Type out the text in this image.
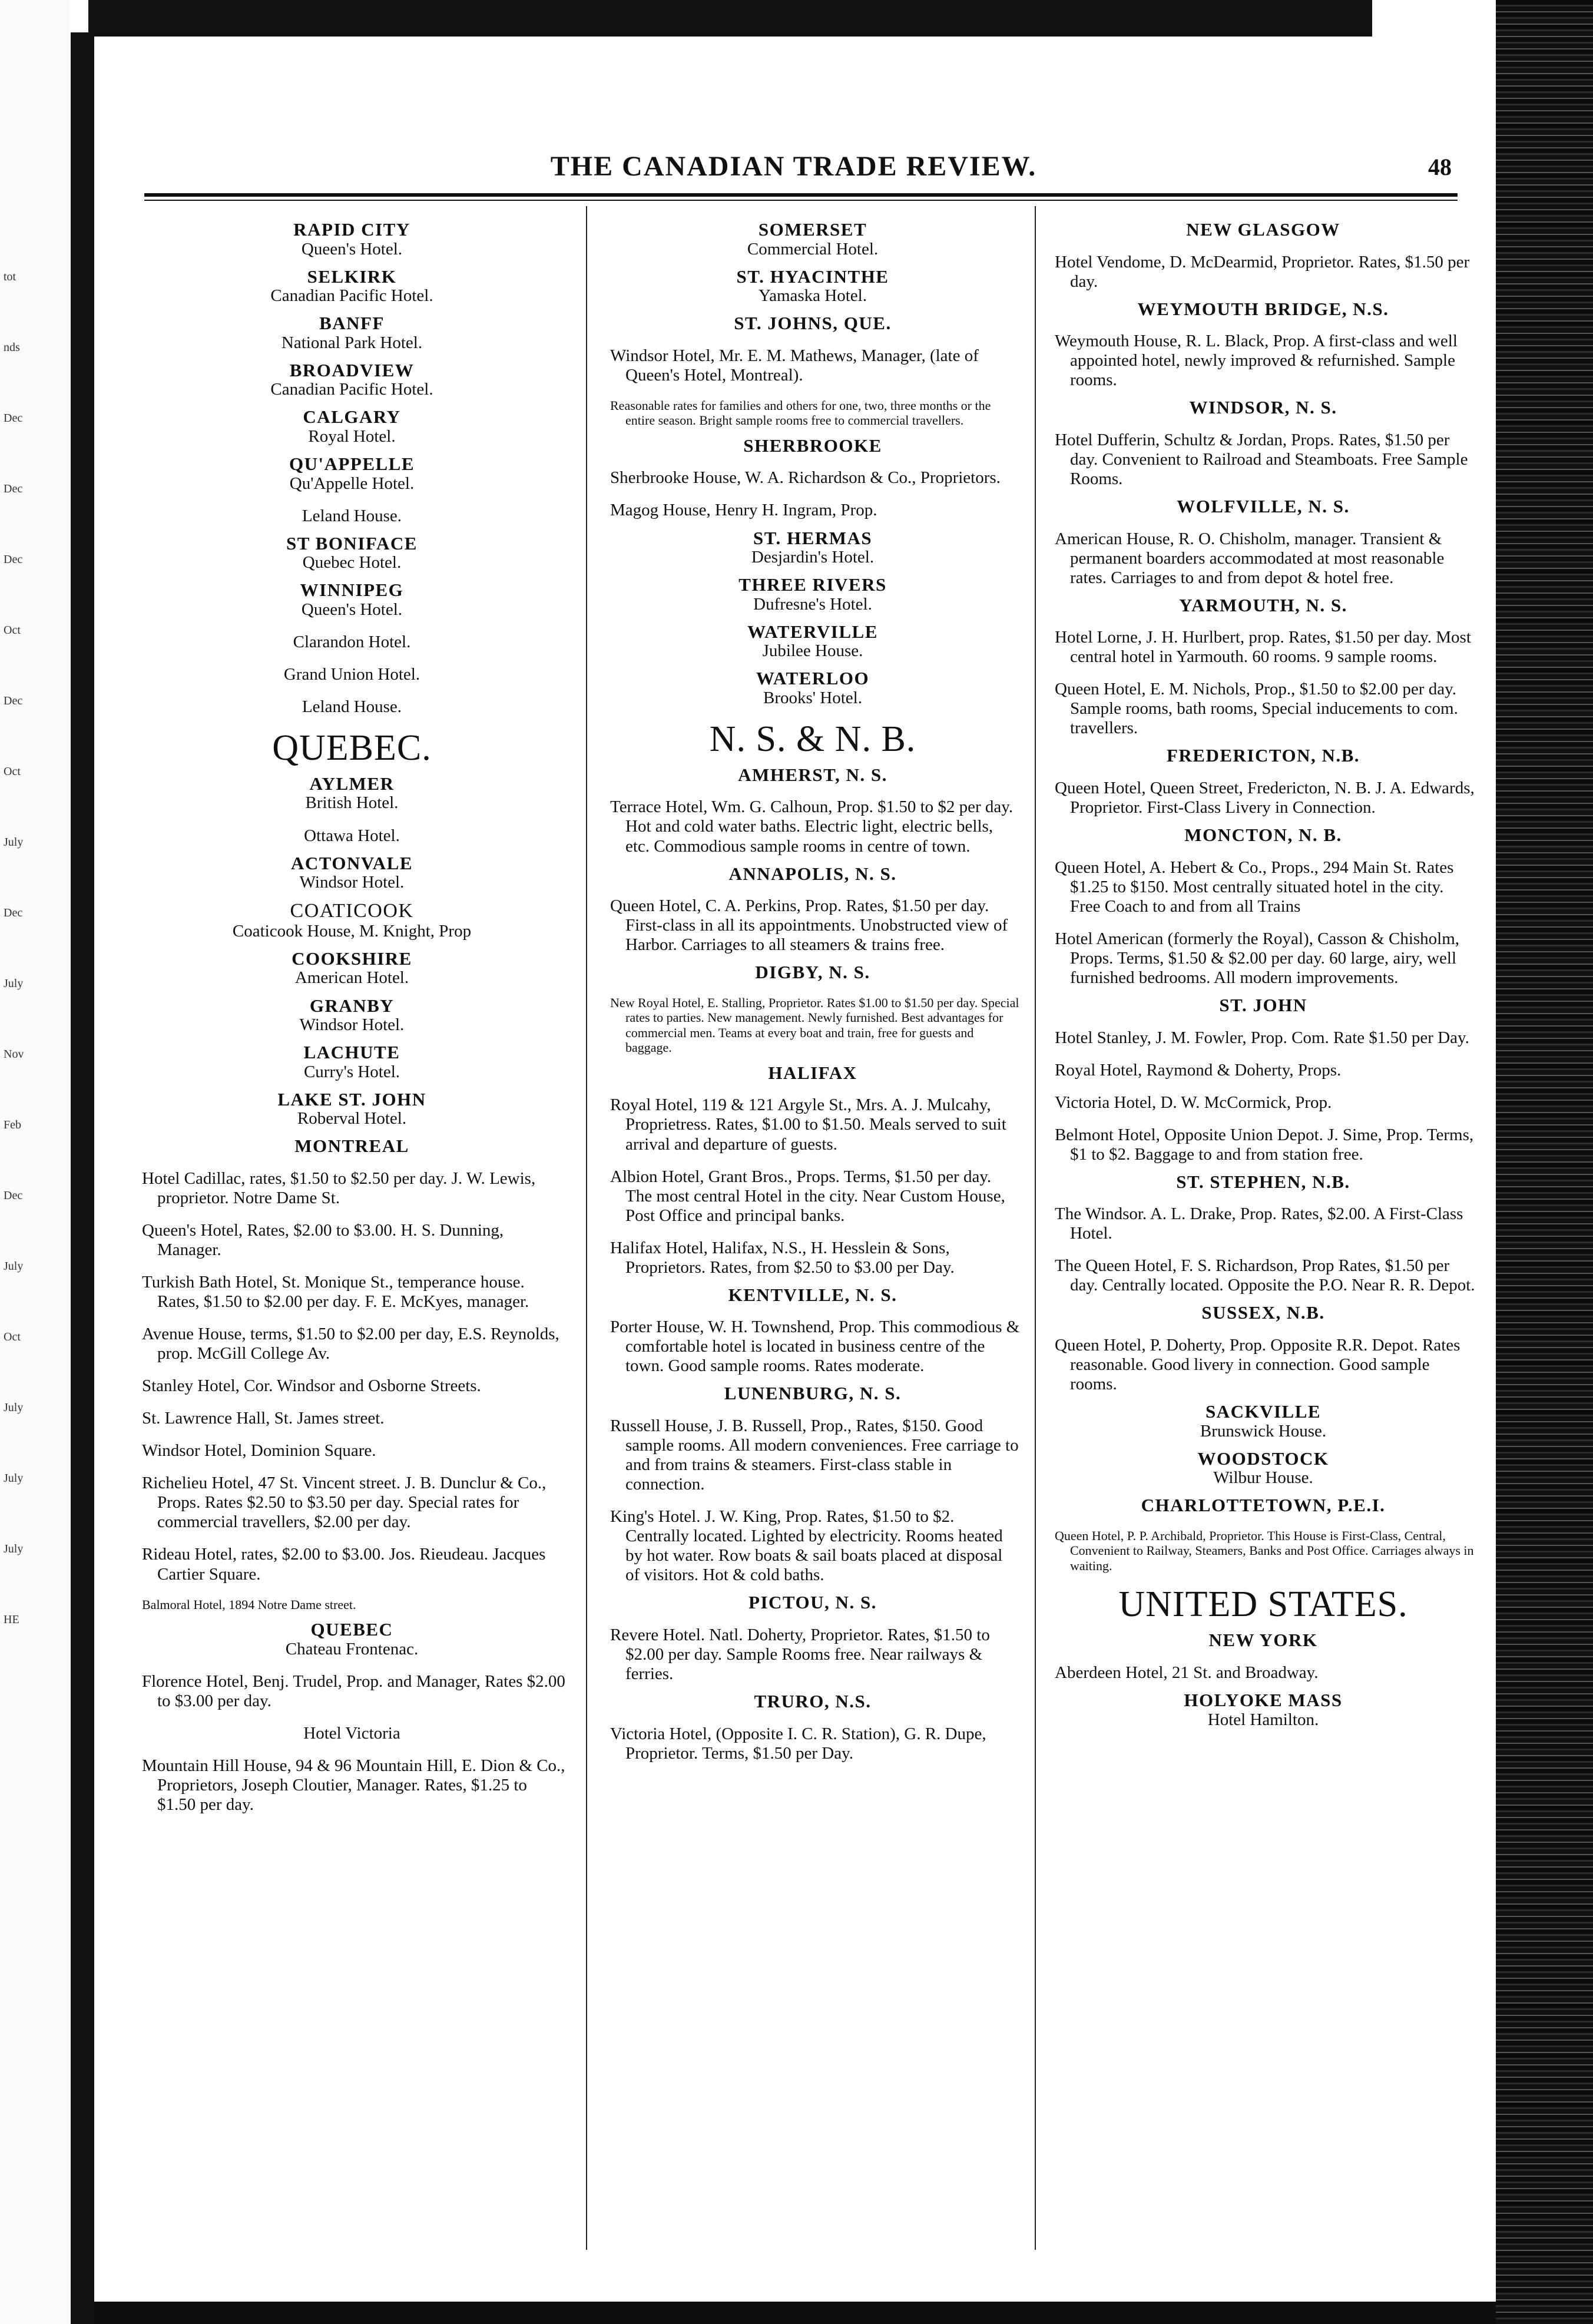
tot
nds
Dec
Dec
Dec
Oct
Dec
Oct
July
Dec
July
Nov
Feb
Dec
July
Oct
July
July
July
HE
THE CANADIAN TRADE REVIEW.	48
RAPID CITY
Queen's Hotel.
SELKIRK
Canadian Pacific Hotel.
BANFF
National Park Hotel.
BROADVIEW
Canadian Pacific Hotel.
CALGARY
Royal Hotel.
QU'APPELLE
Qu'Appelle Hotel.
Leland House.
ST BONIFACE
Quebec Hotel.
WINNIPEG
Queen's Hotel.
Clarandon Hotel.
Grand Union Hotel.
Leland House.
QUEBEC.
AYLMER
British Hotel.
Ottawa Hotel.
ACTONVALE
Windsor Hotel.
COATICOOK
Coaticook House, M. Knight, Prop
COOKSHIRE
American Hotel.
GRANBY
Windsor Hotel.
LACHUTE
Curry's Hotel.
LAKE ST. JOHN
Roberval Hotel.
MONTREAL
Hotel Cadillac, rates, $1.50 to $2.50 per day. J. W. Lewis, proprietor. Notre Dame St.
Queen's Hotel, Rates, $2.00 to $3.00. H. S. Dunning, Manager.
Turkish Bath Hotel, St. Monique St., temperance house. Rates, $1.50 to $2.00 per day. F. E. McKyes, manager.
Avenue House, terms, $1.50 to $2.00 per day, E.S. Reynolds, prop. McGill College Av.
Stanley Hotel, Cor. Windsor and Osborne Streets.
St. Lawrence Hall, St. James street.
Windsor Hotel, Dominion Square.
Richelieu Hotel, 47 St. Vincent street. J. B. Dunclur & Co., Props. Rates $2.50 to $3.50 per day. Special rates for commercial travellers, $2.00 per day.
Rideau Hotel, rates, $2.00 to $3.00. Jos. Rieudeau. Jacques Cartier Square.
Balmoral Hotel, 1894 Notre Dame street.
QUEBEC
Chateau Frontenac.
Florence Hotel, Benj. Trudel, Prop. and Manager, Rates $2.00 to $3.00 per day.
Hotel Victoria
Mountain Hill House, 94 & 96 Mountain Hill, E. Dion & Co., Proprietors, Joseph Cloutier, Manager. Rates, $1.25 to $1.50 per day.
SOMERSET
Commercial Hotel.
ST. HYACINTHE
Yamaska Hotel.
ST. JOHNS, QUE.
Windsor Hotel, Mr. E. M. Mathews, Manager, (late of Queen's Hotel, Montreal).
Reasonable rates for families and others for one, two, three months or the entire season. Bright sample rooms free to commercial travellers.
SHERBROOKE
Sherbrooke House, W. A. Richardson & Co., Proprietors.
Magog House, Henry H. Ingram, Prop.
ST. HERMAS
Desjardin's Hotel.
THREE RIVERS
Dufresne's Hotel.
WATERVILLE
Jubilee House.
WATERLOO
Brooks' Hotel.
N. S. & N. B.
AMHERST, N. S.
Terrace Hotel, Wm. G. Calhoun, Prop. $1.50 to $2 per day. Hot and cold water baths. Electric light, electric bells, etc. Commodious sample rooms in centre of town.
ANNAPOLIS, N. S.
Queen Hotel, C. A. Perkins, Prop. Rates, $1.50 per day. First-class in all its appointments. Unobstructed view of Harbor. Carriages to all steamers & trains free.
DIGBY, N. S.
New Royal Hotel, E. Stalling, Proprietor. Rates $1.00 to $1.50 per day. Special rates to parties. New management. Newly furnished. Best advantages for commercial men. Teams at every boat and train, free for guests and baggage.
HALIFAX
Royal Hotel, 119 & 121 Argyle St., Mrs. A. J. Mulcahy, Proprietress. Rates, $1.00 to $1.50. Meals served to suit arrival and departure of guests.
Albion Hotel, Grant Bros., Props. Terms, $1.50 per day. The most central Hotel in the city. Near Custom House, Post Office and principal banks.
Halifax Hotel, Halifax, N.S., H. Hesslein & Sons, Proprietors. Rates, from $2.50 to $3.00 per Day.
KENTVILLE, N. S.
Porter House, W. H. Townshend, Prop. This commodious & comfortable hotel is located in business centre of the town. Good sample rooms. Rates moderate.
LUNENBURG, N. S.
Russell House, J. B. Russell, Prop., Rates, $150. Good sample rooms. All modern conveniences. Free carriage to and from trains & steamers. First-class stable in connection.
King's Hotel. J. W. King, Prop. Rates, $1.50 to $2. Centrally located. Lighted by electricity. Rooms heated by hot water. Row boats & sail boats placed at disposal of visitors. Hot & cold baths.
PICTOU, N. S.
Revere Hotel. Natl. Doherty, Proprietor. Rates, $1.50 to $2.00 per day. Sample Rooms free. Near railways & ferries.
TRURO, N.S.
Victoria Hotel, (Opposite I. C. R. Station), G. R. Dupe, Proprietor. Terms, $1.50 per Day.
NEW GLASGOW
Hotel Vendome, D. McDearmid, Proprietor. Rates, $1.50 per day.
WEYMOUTH BRIDGE, N.S.
Weymouth House, R. L. Black, Prop. A first-class and well appointed hotel, newly improved & refurnished. Sample rooms.
WINDSOR, N. S.
Hotel Dufferin, Schultz & Jordan, Props. Rates, $1.50 per day. Convenient to Railroad and Steamboats. Free Sample Rooms.
WOLFVILLE, N. S.
American House, R. O. Chisholm, manager. Transient & permanent boarders accommodated at most reasonable rates. Carriages to and from depot & hotel free.
YARMOUTH, N. S.
Hotel Lorne, J. H. Hurlbert, prop. Rates, $1.50 per day. Most central hotel in Yarmouth. 60 rooms. 9 sample rooms.
Queen Hotel, E. M. Nichols, Prop., $1.50 to $2.00 per day. Sample rooms, bath rooms, Special inducements to com. travellers.
FREDERICTON, N.B.
Queen Hotel, Queen Street, Fredericton, N. B. J. A. Edwards, Proprietor. First-Class Livery in Connection.
MONCTON, N. B.
Queen Hotel, A. Hebert & Co., Props., 294 Main St. Rates $1.25 to $150. Most centrally situated hotel in the city. Free Coach to and from all Trains
Hotel American (formerly the Royal), Casson & Chisholm, Props. Terms, $1.50 & $2.00 per day. 60 large, airy, well furnished bedrooms. All modern improvements.
ST. JOHN
Hotel Stanley, J. M. Fowler, Prop. Com. Rate $1.50 per Day.
Royal Hotel, Raymond & Doherty, Props.
Victoria Hotel, D. W. McCormick, Prop.
Belmont Hotel, Opposite Union Depot. J. Sime, Prop. Terms, $1 to $2. Baggage to and from station free.
ST. STEPHEN, N.B.
The Windsor. A. L. Drake, Prop. Rates, $2.00. A First-Class Hotel.
The Queen Hotel, F. S. Richardson, Prop Rates, $1.50 per day. Centrally located. Opposite the P.O. Near R. R. Depot.
SUSSEX, N.B.
Queen Hotel, P. Doherty, Prop. Opposite R.R. Depot. Rates reasonable. Good livery in connection. Good sample rooms.
SACKVILLE
Brunswick House.
WOODSTOCK
Wilbur House.
CHARLOTTETOWN, P.E.I.
Queen Hotel, P. P. Archibald, Proprietor. This House is First-Class, Central, Convenient to Railway, Steamers, Banks and Post Office. Carriages always in waiting.
UNITED STATES.
NEW YORK
Aberdeen Hotel, 21 St. and Broadway.
HOLYOKE MASS
Hotel Hamilton.
